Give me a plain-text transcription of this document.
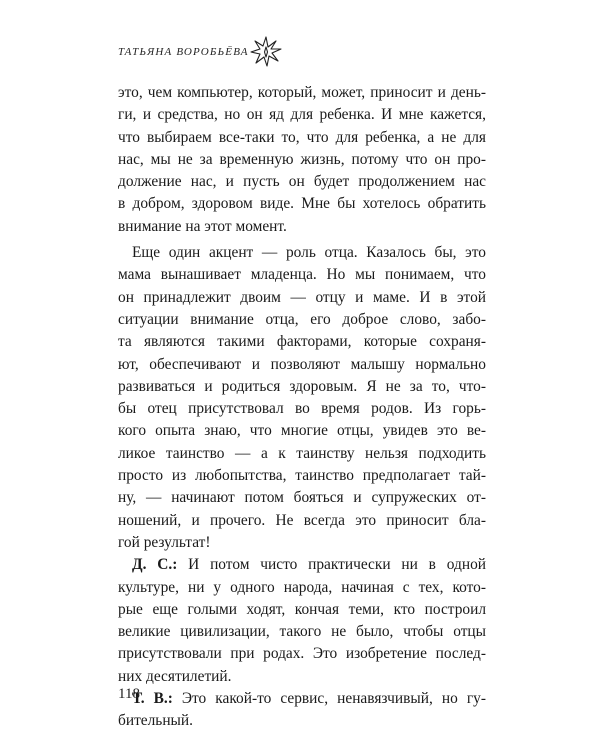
ТАТЬЯНА ВОРОБЬЁВА
это, чем компьютер, который, может, приносит и день-
ги, и средства, но он яд для ребенка. И мне кажется,
что выбираем все-таки то, что для ребенка, а не для
нас, мы не за временную жизнь, потому что он про-
должение нас, и пусть он будет продолжением нас
в добром, здоровом виде. Мне бы хотелось обратить
внимание на этот момент.
Еще один акцент — роль отца. Казалось бы, это
мама вынашивает младенца. Но мы понимаем, что
он принадлежит двоим — отцу и маме. И в этой
ситуации внимание отца, его доброе слово, забо-
та являются такими факторами, которые сохраня-
ют, обеспечивают и позволяют малышу нормально
развиваться и родиться здоровым. Я не за то, что-
бы отец присутствовал во время родов. Из горь-
кого опыта знаю, что многие отцы, увидев это ве-
ликое таинство — а к таинству нельзя подходить
просто из любопытства, таинство предполагает тай-
ну, — начинают потом бояться и супружеских от-
ношений, и прочего. Не всегда это приносит бла-
гой результат!
Д. С.: И потом чисто практически ни в одной
культуре, ни у одного народа, начиная с тех, кото-
рые еще голыми ходят, кончая теми, кто построил
великие цивилизации, такого не было, чтобы отцы
присутствовали при родах. Это изобретение послед-
них десятилетий.
Т. В.: Это какой-то сервис, ненавязчивый, но гу-
бительный.
118
